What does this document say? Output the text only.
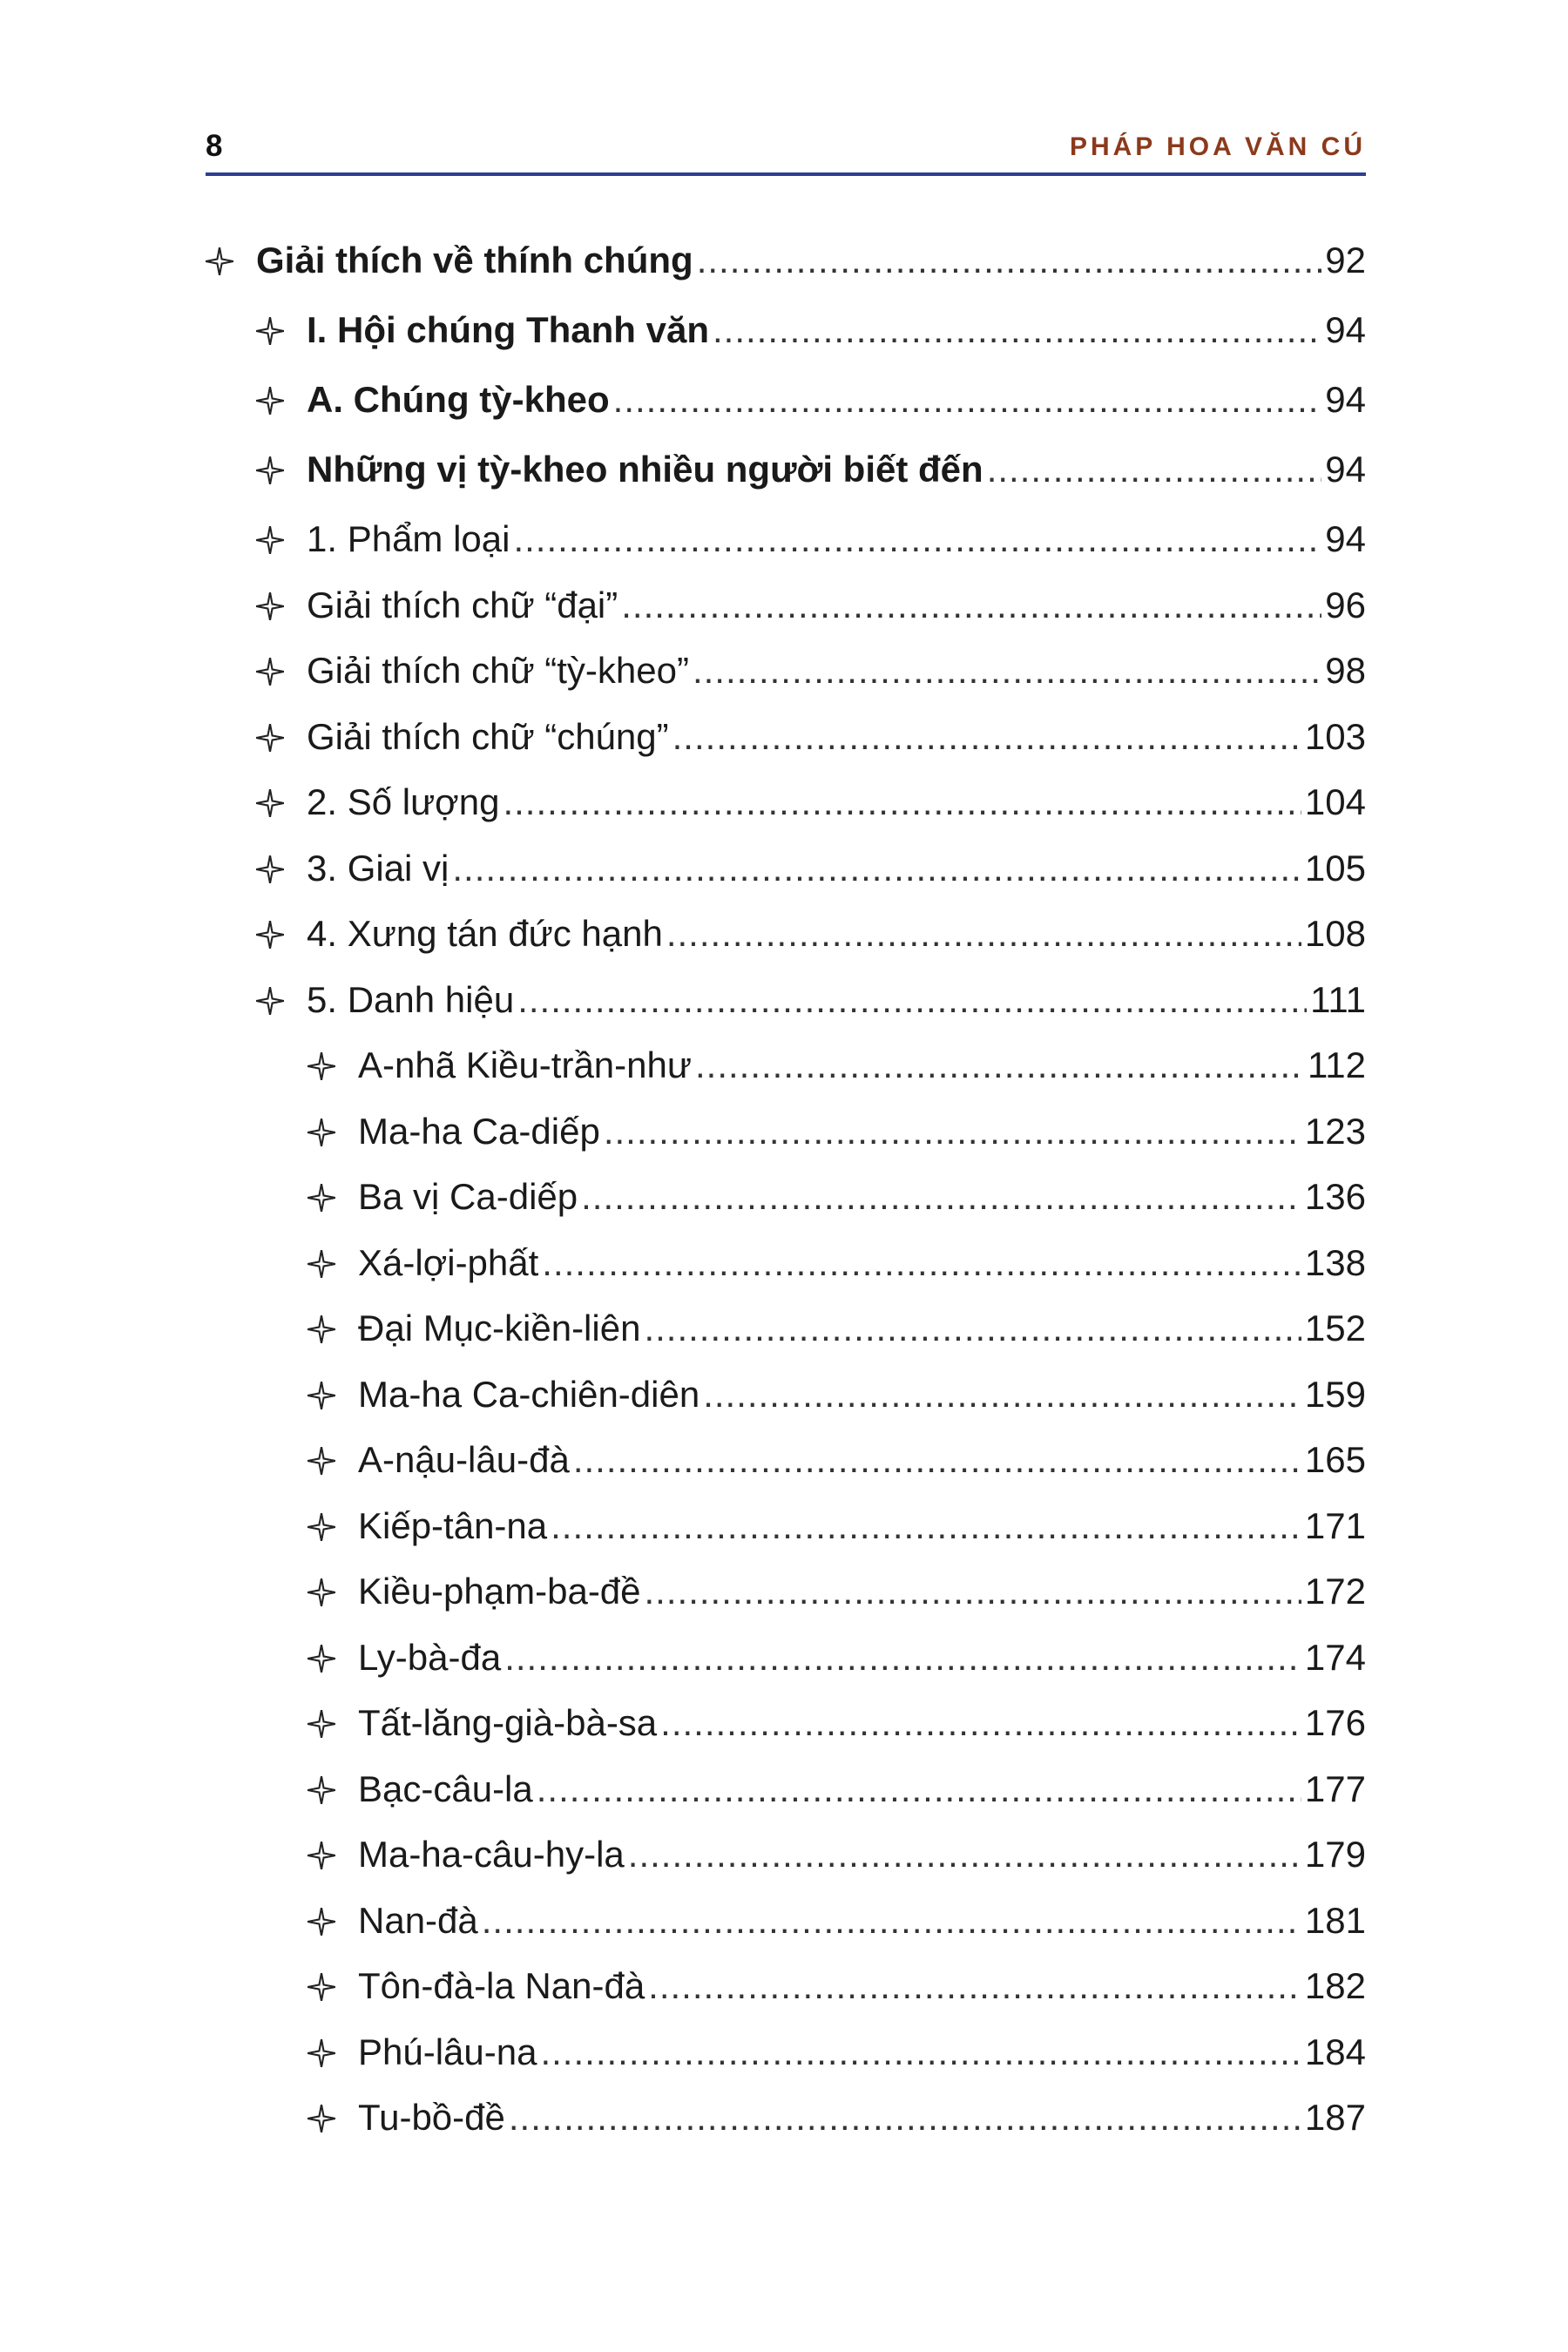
8	PHÁP HOA VĂN CÚ
Giải thích về thính chúng .....	92
I. Hội chúng Thanh văn .....	94
A. Chúng tỳ-kheo .....	94
Những vị tỳ-kheo nhiều người biết đến .....	94
1. Phẩm loại .....	94
Giải thích chữ “đại” .....	96
Giải thích chữ “tỳ-kheo” .....	98
Giải thích chữ “chúng” .....	103
2. Số lượng .....	104
3. Giai vị .....	105
4. Xưng tán đức hạnh .....	108
5. Danh hiệu .....	111
A-nhã Kiều-trần-như .....	112
Ma-ha Ca-diếp .....	123
Ba vị Ca-diếp .....	136
Xá-lợi-phất .....	138
Đại Mục-kiền-liên .....	152
Ma-ha Ca-chiên-diên .....	159
A-nậu-lâu-đà .....	165
Kiếp-tân-na .....	171
Kiều-phạm-ba-đề .....	172
Ly-bà-đa .....	174
Tất-lăng-già-bà-sa .....	176
Bạc-câu-la .....	177
Ma-ha-câu-hy-la .....	179
Nan-đà .....	181
Tôn-đà-la Nan-đà .....	182
Phú-lâu-na .....	184
Tu-bồ-đề .....	187
